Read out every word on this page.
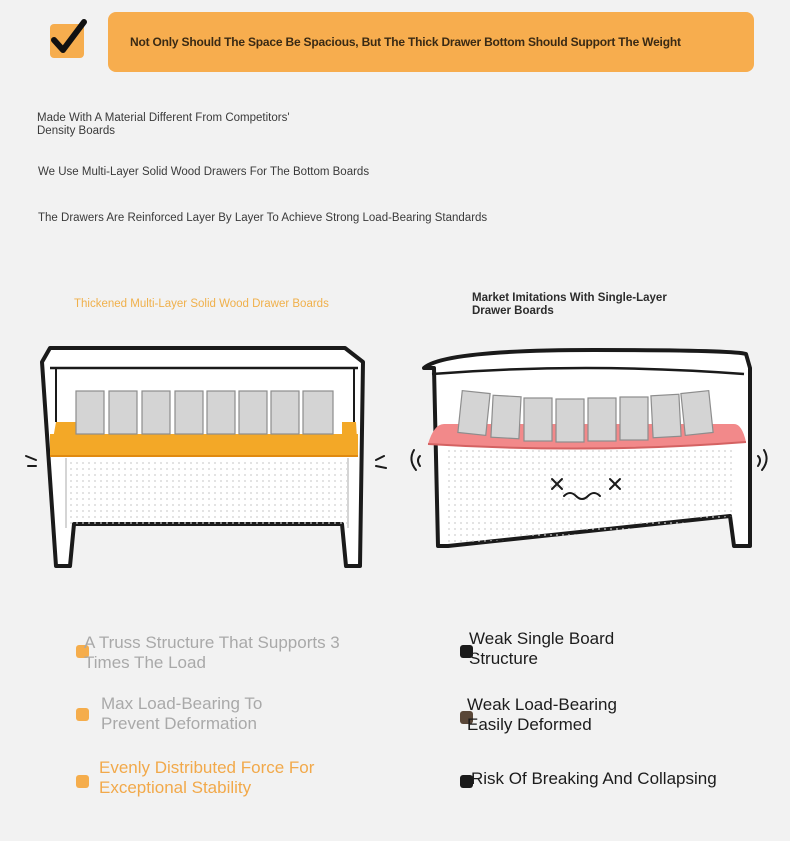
Not Only Should The Space Be Spacious, But The Thick Drawer Bottom Should Support The Weight
Made With A Material Different From Competitors'
Density Boards
We Use Multi-Layer Solid Wood Drawers For The Bottom Boards
The Drawers Are Reinforced Layer By Layer To Achieve Strong Load-Bearing Standards
Thickened Multi-Layer Solid Wood Drawer Boards	Market Imitations With Single-Layer
Drawer Boards
A Truss Structure That Supports 3
Times The Load
Max Load-Bearing To
Prevent Deformation
Evenly Distributed Force For
Exceptional Stability
Weak Single Board
Structure
Weak Load-Bearing
Easily Deformed
Risk Of Breaking And Collapsing
